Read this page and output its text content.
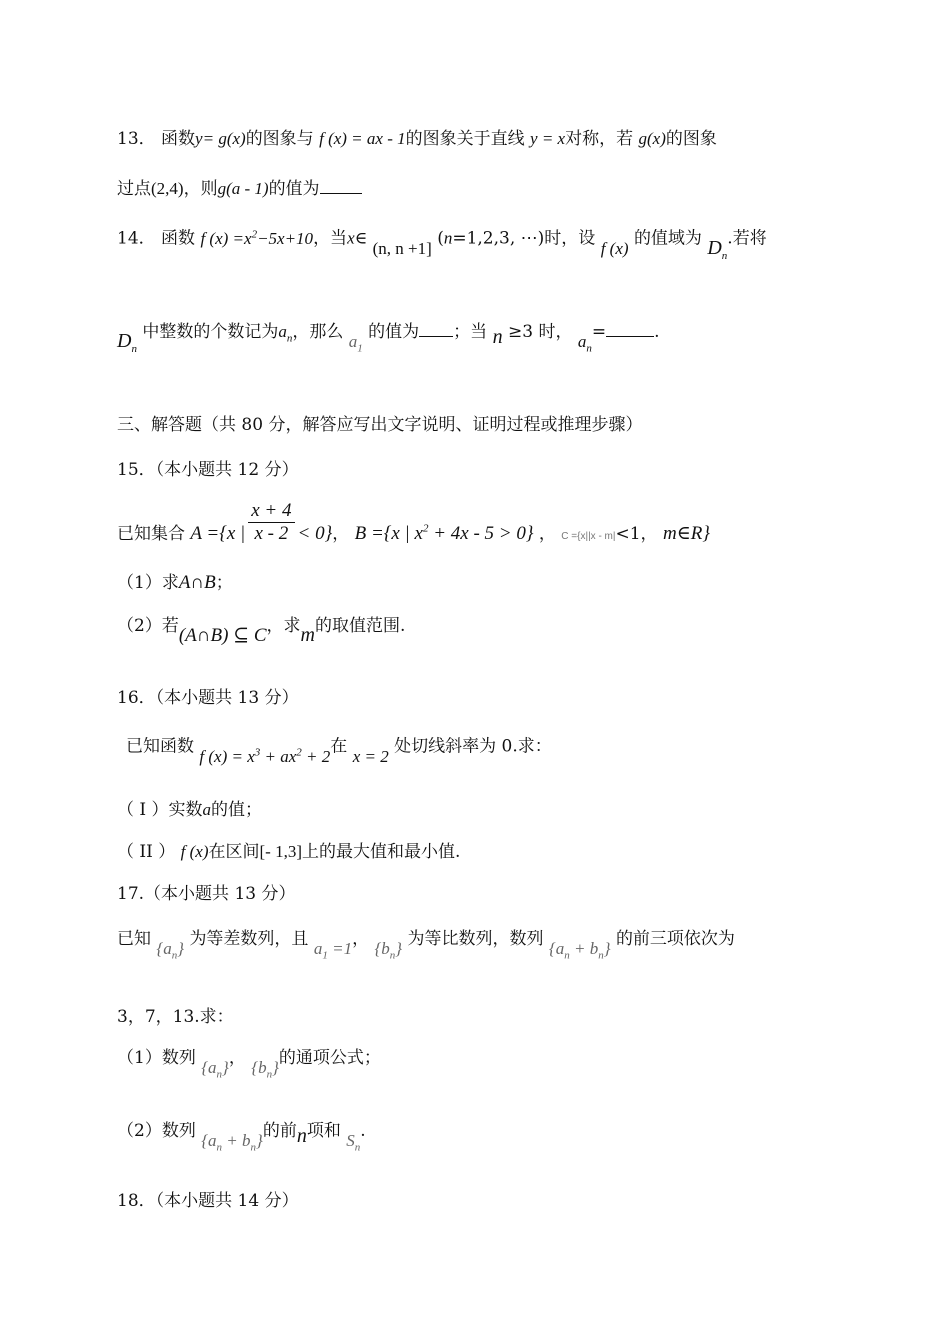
13． 函数y= g(x)的图象与 f (x) = ax - 1的图象关于直线 y = x对称，若 g(x)的图象
过点(2,4)，则g(a - 1)的值为
14． 函数 f $(x) =x^2-5x+10$，当x∈ (n, n +1] (n=1,2,3, ⋯)时，设 f (x) 的值域为 $D_n$.若将
$D_n$ 中整数的个数记为$a_n$，那么 $a_1$ 的值为 ；当 n ≥3 时， $a_n=$	.
三、解答题（共 80 分，解答应写出文字说明、证明过程或推理步骤）
15．（本小题共 12 分）
已知集合 A ={x | $\frac{x + 4}{x - 2} < 0$}， B ={x | $x^2 + 4x - 5 > 0$} ， C ={x||x - m|<1， m∈R}
（1）求A∩B；
（2）若(A∩B) ⊆ C，求m的取值范围.
16．（本小题共 13 分）
已知函数 f $(x) = x^3 + ax^2 + 2$在 x = 2 处切线斜率为 0.求：
（ I ）实数a的值；
（ II ） f (x)在区间[- 1,3]上的最大值和最小值.
17.（本小题共 13 分）
已知 $\{a_n\}$ 为等差数列，且 $a_1 =1$， $\{b_n\}$ 为等比数列，数列 $\{a_n + b_n\}$ 的前三项依次为
3，7，13.求：
（1）数列 $\{a_n\}$， $\{b_n\}$的通项公式；
（2）数列 $\{a_n + b_n\}$的前n项和 $S_n$.
18．（本小题共 14 分）
